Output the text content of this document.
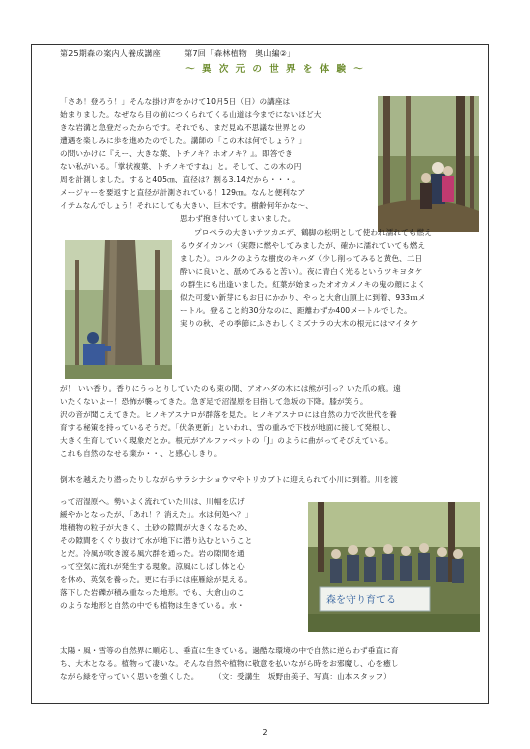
第25期森の案内人養成講座	第7回「森林植物　奥山編②」
～ 異 次 元 の 世 界 を 体 験 ～
森を守り育てる
「さあ！登ろう！」そんな掛け声をかけて10月5日（日）の講座は
始まりました。なぜなら目の前につくられてくる山道は今までにないほど大
きな岩溝と急登だったからです。それでも、まだ見ぬ不思議な世界との
遭遇を楽しみに歩を進めたのでした。講師の「この木は何でしょう？」
の問いかけに『えー、大きな葉、トチノキ？ホオノキ？』。即答でき
ない私がいる。「掌状複葉、トチノキですね」と。そして、この木の円
周を計測しました。すると405㎝、直径は？割る3.14だから・・・。
メージャーを要返すと直径が計測されている！129㎝。なんと便利なア
イテムなんでしょう！それにしても大きい、巨木です。樹齢何年かな～、
思わず抱き付いてしまいました。
プロペラの大きいテツカエデ、鶴脚の松明として使われ濡れても燃え
るウダイカンバ（実際に燃やしてみましたが、確かに濡れていても燃え
ました）。コルクのような樹皮のキハダ（少し削ってみると黄色、二日
酔いに良いと、舐めてみると苦い）。夜に青白く光るというツキヨタケ
の群生にも出逢いました。紅葉が始まったオオカメノキの鬼の顔によく
似た可愛い新芽にもお日にかかり、やっと大倉山頂上に到着、933ｍメ
ートル。登ること約30分なのに、距離わずか400メートルでした。
実りの秋、その季節にふさわしくミズナラの大木の根元にはマイタケ
が！ いい香り。香りにうっとりしていたのも束の間、アオハダの木には熊が引っ？いた爪の痕。遠
いたくないよー！恐怖が襲ってきた。急ぎ足で沼湿原を目指して急坂の下降。膝が笑う。
沢の音が聞こえてきた。ヒノキアスナロが群落を見た。ヒノキアスナロには自然の力で次世代を養
育する秘策を持っているそうだ。「伏条更新」といわれ、雪の重みで下枝が地面に接して発根し、
大きく生育していく現象だとか。根元がアルファベットの「J」のように曲がってそびえている。
これも自然のなせる業か・・、と感心しきり。
倒木を越えたり潜ったりしながらサラシナショウマやトリカブトに迎えられて小川に到着。川を渡
って沼湿原へ。勢いよく流れていた川は、川幅を広げ
緩やかとなったが、「あれ！？消えた」。水は何処へ？」
堆積物の粒子が大きく、土砂の隙間が大きくなるため、
その隙間をくぐり抜けて水が地下に潜り込むということ
とだ。冷風が吹き渡る風穴群を通った。岩の隙間を通
って空気に流れが発生する現象。涼風にしばし体と心
を休め、英気を養った。更に右手には座雁絵が見える。
落下した岩礫が積み重なった地形。でも、大倉山のこ
のような地形と自然の中でも植物は生きている。水・
太陽・風・雪等の自然界に順応し、垂直に生きている。過酷な環境の中で自然に逆らわず垂直に育
ち、大木となる。植物って凄いな。そんな自然や植物に敬意を払いながら時をお邪魔し、心を癒し
ながら緑を守っていく思いを強くした。　　　（文：受講生　坂野由美子、写真：山本スタッフ）
2
